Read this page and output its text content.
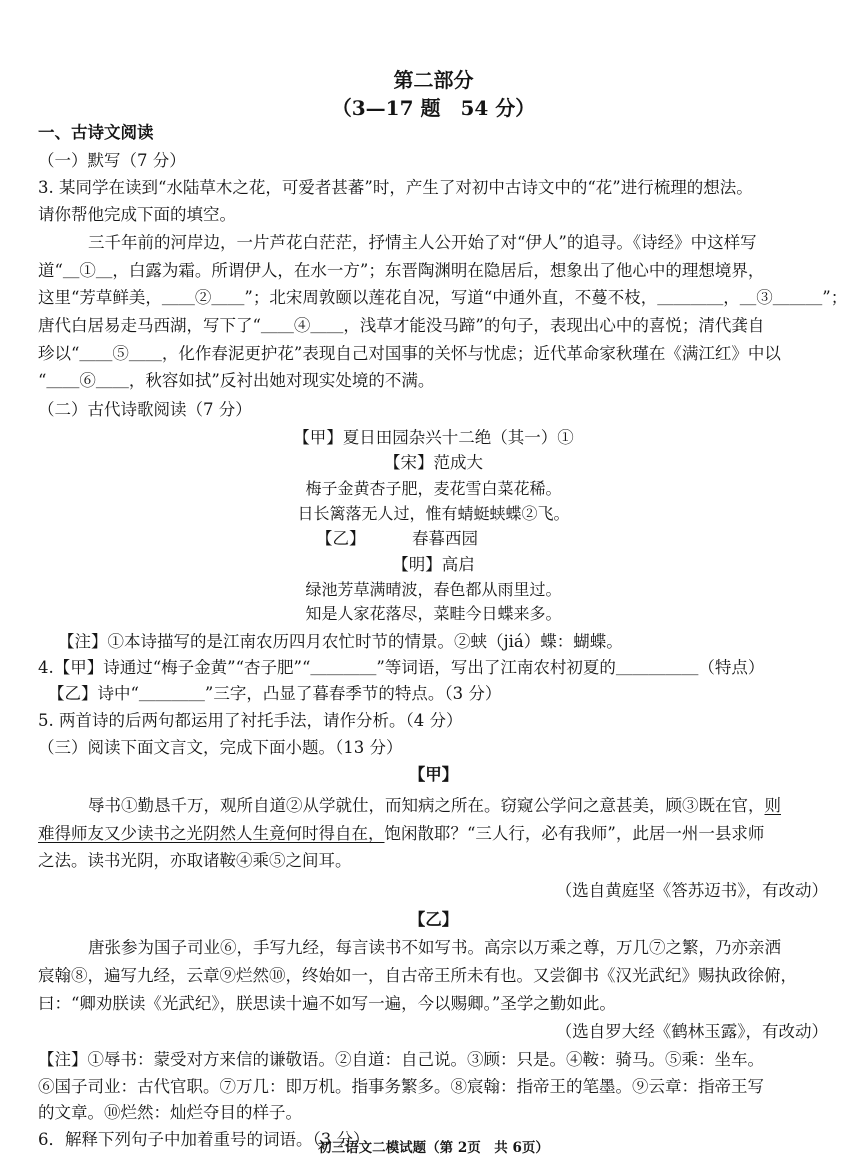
第二部分
（3—17 题　54 分）
一、古诗文阅读
（一）默写（7 分）
3. 某同学在读到“水陆草木之花，可爱者甚蕃”时，产生了对初中古诗文中的“花”进行梳理的想法。
请你帮他完成下面的填空。
三千年前的河岸边，一片芦花白茫茫，抒情主人公开始了对“伊人”的追寻。《诗经》中这样写
道“＿①＿，白露为霜。所谓伊人，在水一方”；东晋陶渊明在隐居后，想象出了他心中的理想境界，
这里“芳草鲜美，＿＿②＿＿”；北宋周敦颐以莲花自况，写道“中通外直，不蔓不枝，＿＿＿＿，＿③＿＿＿”；
唐代白居易走马西湖，写下了“＿＿④＿＿，浅草才能没马蹄”的句子，表现出心中的喜悦；清代龚自
珍以“＿＿⑤＿＿，化作春泥更护花”表现自己对国事的关怀与忧虑；近代革命家秋瑾在《满江红》中以
“＿＿⑥＿＿，秋容如拭”反衬出她对现实处境的不满。
（二）古代诗歌阅读（7 分）
【甲】夏日田园杂兴十二绝（其一）①
【宋】范成大
梅子金黄杏子肥，麦花雪白菜花稀。
日长篱落无人过，惟有蜻蜓蛱蝶②飞。
【乙】	春暮西园
【明】高启
绿池芳草满晴波，春色都从雨里过。
知是人家花落尽，菜畦今日蝶来多。
【注】①本诗描写的是江南农历四月农忙时节的情景。②蛱（jiá）蝶：蝴蝶。
4.【甲】诗通过“梅子金黄”“杏子肥”“＿＿＿＿”等词语，写出了江南农村初夏的＿＿＿＿＿（特点）
【乙】诗中“＿＿＿＿”三字，凸显了暮春季节的特点。（3 分）
5. 两首诗的后两句都运用了衬托手法，请作分析。（4 分）
（三）阅读下面文言文，完成下面小题。（13 分）
【甲】
辱书①勤恳千万，观所自道②从学就仕，而知病之所在。窃窥公学问之意甚美，顾③既在官，则
难得师友又少读书之光阴然人生竟何时得自在，饱闲散耶？“三人行，必有我师”，此居一州一县求师
之法。读书光阴，亦取诸鞍④乘⑤之间耳。
（选自黄庭坚《答苏迈书》，有改动）
【乙】
唐张参为国子司业⑥，手写九经，每言读书不如写书。高宗以万乘之尊，万几⑦之繁，乃亦亲洒
宸翰⑧，遍写九经，云章⑨烂然⑩，终始如一，自古帝王所未有也。又尝御书《汉光武纪》赐执政徐俯，
曰：“卿劝朕读《光武纪》，朕思读十遍不如写一遍，今以赐卿。”圣学之勤如此。
（选自罗大经《鹤林玉露》，有改动）
【注】①辱书：蒙受对方来信的谦敬语。②自道：自己说。③顾：只是。④鞍：骑马。⑤乘：坐车。
⑥国子司业：古代官职。⑦万几：即万机。指事务繁多。⑧宸翰：指帝王的笔墨。⑨云章：指帝王写
的文章。⑩烂然：灿烂夺目的样子。
6．解释下列句子中加着重号的词语。（3 分）
初三语文二模试题（第 2页　共 6页）
